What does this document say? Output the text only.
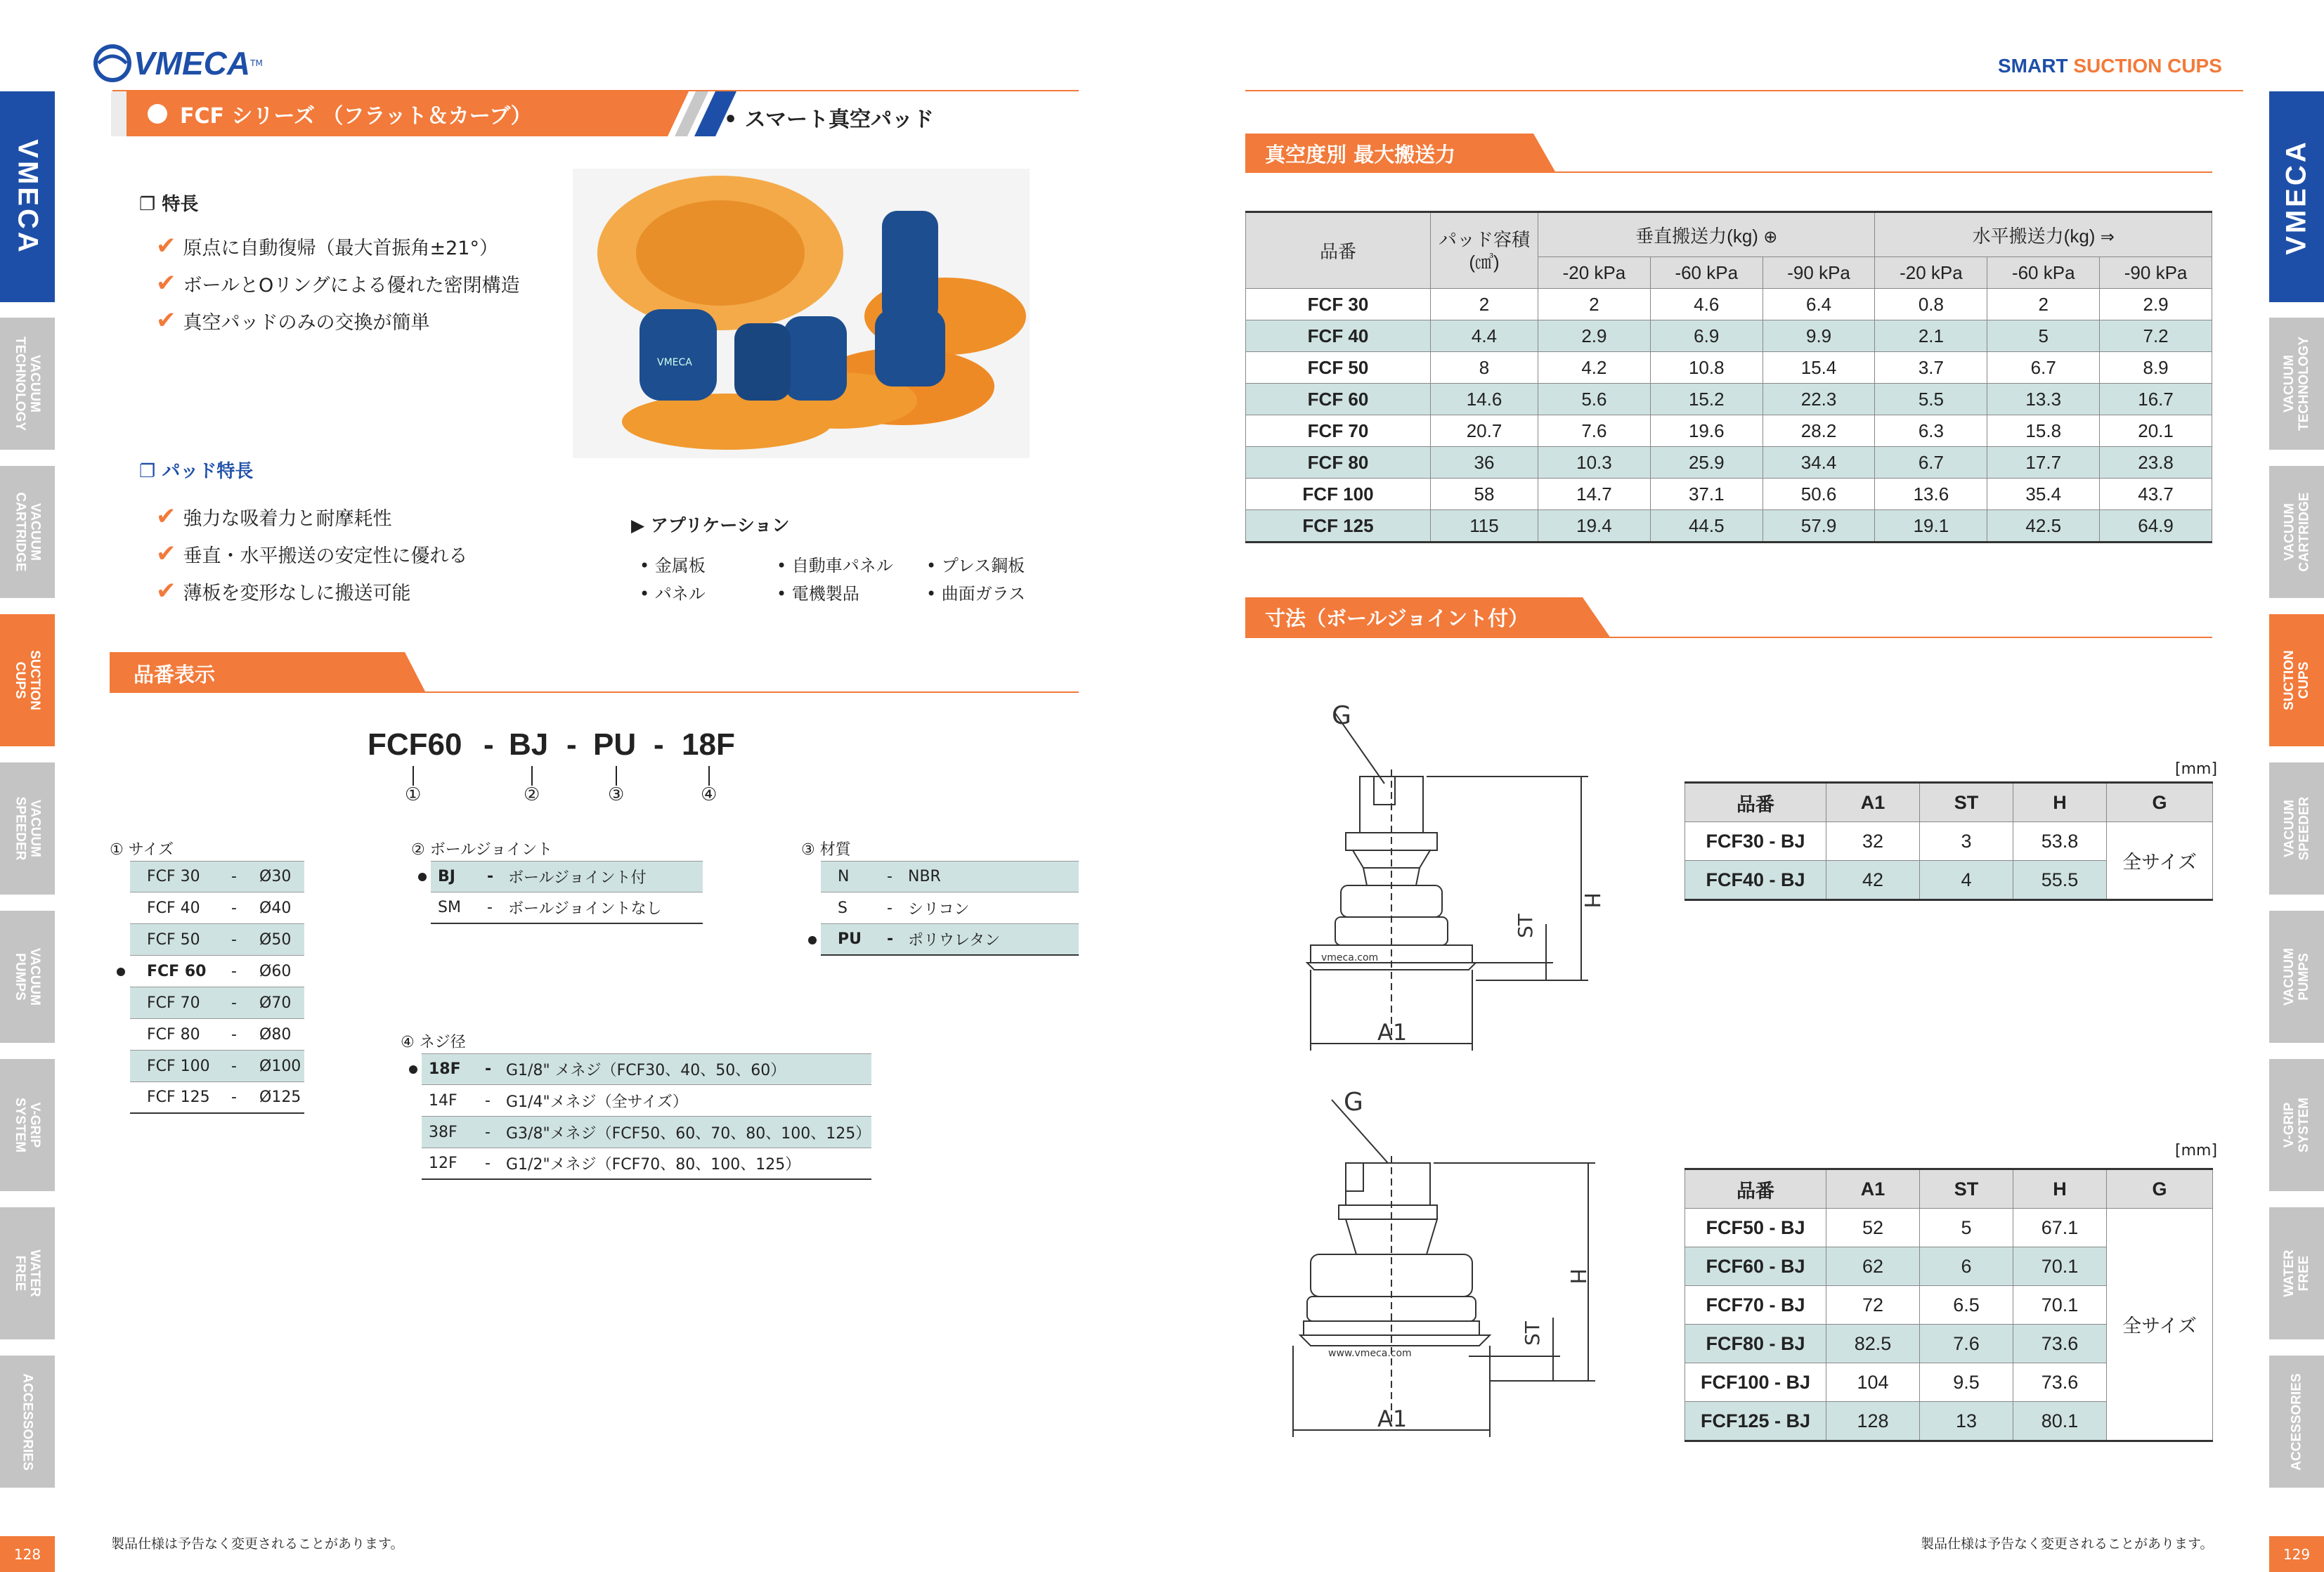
VMECA
VACUUM
TECHNOLOGY
VACUUM
CARTRIDGE
SUCTION
CUPS
VACUUM
SPEEDER
VACUUM
PUMPS
V-GRIP
SYSTEM
WATER FREE
ACCESSORIES
VMECA
VACUUM
TECHNOLOGY
VACUUM
CARTRIDGE
SUCTION
CUPS
VACUUM
SPEEDER
VACUUM
PUMPS
V-GRIP
SYSTEM
WATER FREE
ACCESSORIES
VMECA TM	SMART SUCTION CUPS
FCF シリーズ （フラット＆カーブ）	• スマート真空パッド
❐ 特長
✔ 原点に自動復帰（最大首振角±21°）
✔ ボールとOリングによる優れた密閉構造
✔ 真空パッドのみの交換が簡単
VMECA
❐ パッド特長
✔ 強力な吸着力と耐摩耗性
✔ 垂直・水平搬送の安定性に優れる
✔ 薄板を変形なしに搬送可能
▶ アプリケーション
• 金属板	• 自動車パネル • プレス鋼板
• パネル	• 電機製品	• 曲面ガラス
品番表示
FCF60 - BJ - PU - 18F
①	②	③	④
① サイズ
FCF 30	-	Ø30
FCF 40	-	Ø40
FCF 50	-	Ø50
FCF 60	-	Ø60
FCF 70	-	Ø70
FCF 80	-	Ø80
FCF 100	-	Ø100
FCF 125	-	Ø125
② ボールジョイント
BJ	- ボールジョイント付
SM	-	ボールジョイントなし
③ 材質
N	-	NBR
S	-	シリコン
PU	- ポリウレタン
④ ネジ径
18F	- G1/8" メネジ（FCF30、40、50、60）
14F	-	G1/4"メネジ（全サイズ）
38F	-	G3/8"メネジ（FCF50、60、70、80、100、125）
12F	-	G1/2"メネジ（FCF70、80、100、125）
真空度別 最大搬送力
品番	パッド容積
(㎤)	垂直搬送力(kg) ⊕			水平搬送力(kg) ⇒		
		-20 kPa	-60 kPa	-90 kPa	-20 kPa	-60 kPa	-90 kPa
FCF 30	2	2	4.6	6.4	0.8	2	2.9
FCF 40	4.4	2.9	6.9	9.9	2.1	5	7.2
FCF 50	8	4.2	10.8	15.4	3.7	6.7	8.9
FCF 60	14.6	5.6	15.2	22.3	5.5	13.3	16.7
FCF 70	20.7	7.6	19.6	28.2	6.3	15.8	20.1
FCF 80	36	10.3	25.9	34.4	6.7	17.7	23.8
FCF 100	58	14.7	37.1	50.6	13.6	35.4	43.7
FCF 125	115	19.4	44.5	57.9	19.1	42.5	64.9
寸法（ボールジョイント付）
G
H
ST
A1
vmeca.com
[mm]
品番	A1	ST	H	G
FCF30 - BJ	32	3	53.8	全サイズ
FCF40 - BJ	42	4	55.5	
G
H
ST
A1
www.vmeca.com
[mm]
品番	A1	ST	H	G
FCF50 - BJ	52	5	67.1	全サイズ
FCF60 - BJ	62	6	70.1	
FCF70 - BJ	72	6.5	70.1	
FCF80 - BJ	82.5	7.6	73.6	
FCF100 - BJ	104	9.5	73.6	
FCF125 - BJ	128	13	80.1	
製品仕様は予告なく変更されることがあります。	製品仕様は予告なく変更されることがあります。
128	129
